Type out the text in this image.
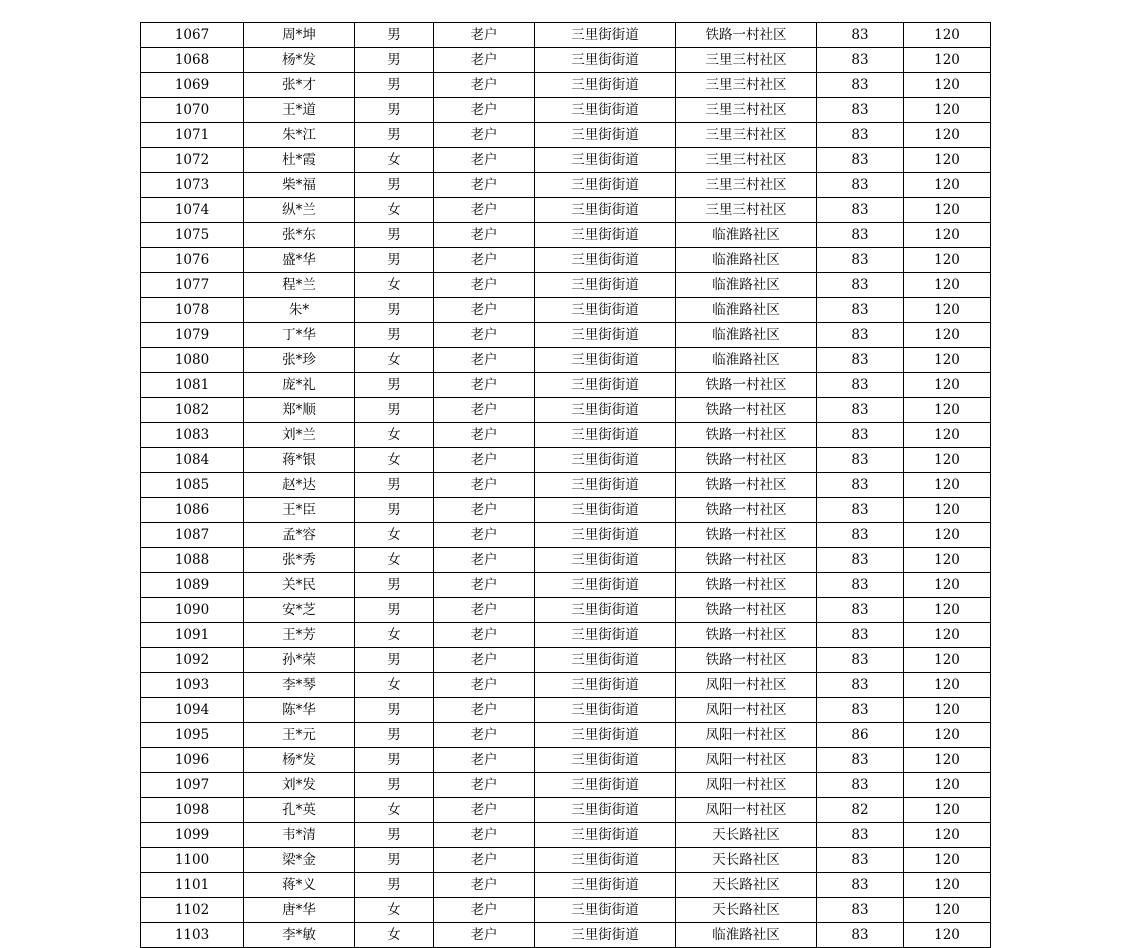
1067	周*坤	男	老户	三里街街道	铁路一村社区	83	120
1068	杨*发	男	老户	三里街街道	三里三村社区	83	120
1069	张*才	男	老户	三里街街道	三里三村社区	83	120
1070	王*道	男	老户	三里街街道	三里三村社区	83	120
1071	朱*江	男	老户	三里街街道	三里三村社区	83	120
1072	杜*霞	女	老户	三里街街道	三里三村社区	83	120
1073	柴*福	男	老户	三里街街道	三里三村社区	83	120
1074	纵*兰	女	老户	三里街街道	三里三村社区	83	120
1075	张*东	男	老户	三里街街道	临淮路社区	83	120
1076	盛*华	男	老户	三里街街道	临淮路社区	83	120
1077	程*兰	女	老户	三里街街道	临淮路社区	83	120
1078	朱*	男	老户	三里街街道	临淮路社区	83	120
1079	丁*华	男	老户	三里街街道	临淮路社区	83	120
1080	张*珍	女	老户	三里街街道	临淮路社区	83	120
1081	庞*礼	男	老户	三里街街道	铁路一村社区	83	120
1082	郑*顺	男	老户	三里街街道	铁路一村社区	83	120
1083	刘*兰	女	老户	三里街街道	铁路一村社区	83	120
1084	蒋*银	女	老户	三里街街道	铁路一村社区	83	120
1085	赵*达	男	老户	三里街街道	铁路一村社区	83	120
1086	王*臣	男	老户	三里街街道	铁路一村社区	83	120
1087	孟*容	女	老户	三里街街道	铁路一村社区	83	120
1088	张*秀	女	老户	三里街街道	铁路一村社区	83	120
1089	关*民	男	老户	三里街街道	铁路一村社区	83	120
1090	安*芝	男	老户	三里街街道	铁路一村社区	83	120
1091	王*芳	女	老户	三里街街道	铁路一村社区	83	120
1092	孙*荣	男	老户	三里街街道	铁路一村社区	83	120
1093	李*琴	女	老户	三里街街道	凤阳一村社区	83	120
1094	陈*华	男	老户	三里街街道	凤阳一村社区	83	120
1095	王*元	男	老户	三里街街道	凤阳一村社区	86	120
1096	杨*发	男	老户	三里街街道	凤阳一村社区	83	120
1097	刘*发	男	老户	三里街街道	凤阳一村社区	83	120
1098	孔*英	女	老户	三里街街道	凤阳一村社区	82	120
1099	韦*清	男	老户	三里街街道	天长路社区	83	120
1100	梁*金	男	老户	三里街街道	天长路社区	83	120
1101	蒋*义	男	老户	三里街街道	天长路社区	83	120
1102	唐*华	女	老户	三里街街道	天长路社区	83	120
1103	李*敏	女	老户	三里街街道	临淮路社区	83	120
